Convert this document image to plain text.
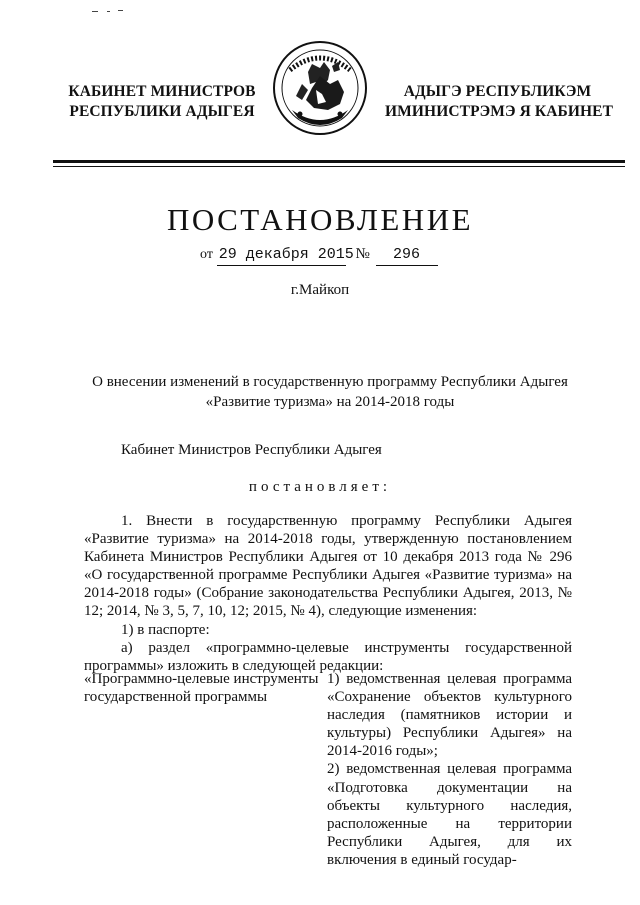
КАБИНЕТ МИНИСТРОВ
РЕСПУБЛИКИ АДЫГЕЯ
АДЫГЭ РЕСПУБЛИКЭМ
ИМИНИСТРЭМЭ Я КАБИНЕТ
ПОСТАНОВЛЕНИЕ
от 29 декабря 2015 № 296
г.Майкоп
О внесении изменений в государственную программу Республики Адыгея
«Развитие туризма» на 2014-2018 годы
Кабинет Министров Республики Адыгея
постановляет:

1. Внести в государственную программу Республики Адыгея «Развитие туризма» на 2014-2018 годы, утвержденную постановлением Кабинета Министров Республики Адыгея от 10 декабря 2013 года № 296 «О государственной программе Республики Адыгея «Развитие туризма» на 2014-2018 годы» (Собрание законодательства Республики Адыгея, 2013, № 12; 2014, № 3, 5, 7, 10, 12; 2015, № 4), следующие изменения:

1) в паспорте:

а) раздел «программно-целевые инструменты государственной программы» изложить в следующей редакции:

«Программно-целевые инструменты государственной программы

1) ведомственная целевая программа «Сохранение объектов культурного наследия (памятников истории и культуры) Республики Адыгея» на 2014-2016 годы»;

2) ведомственная целевая программа «Подготовка документации на объекты культурного наследия, расположенные на территории Республики Адыгея, для их включения в единый государ-
